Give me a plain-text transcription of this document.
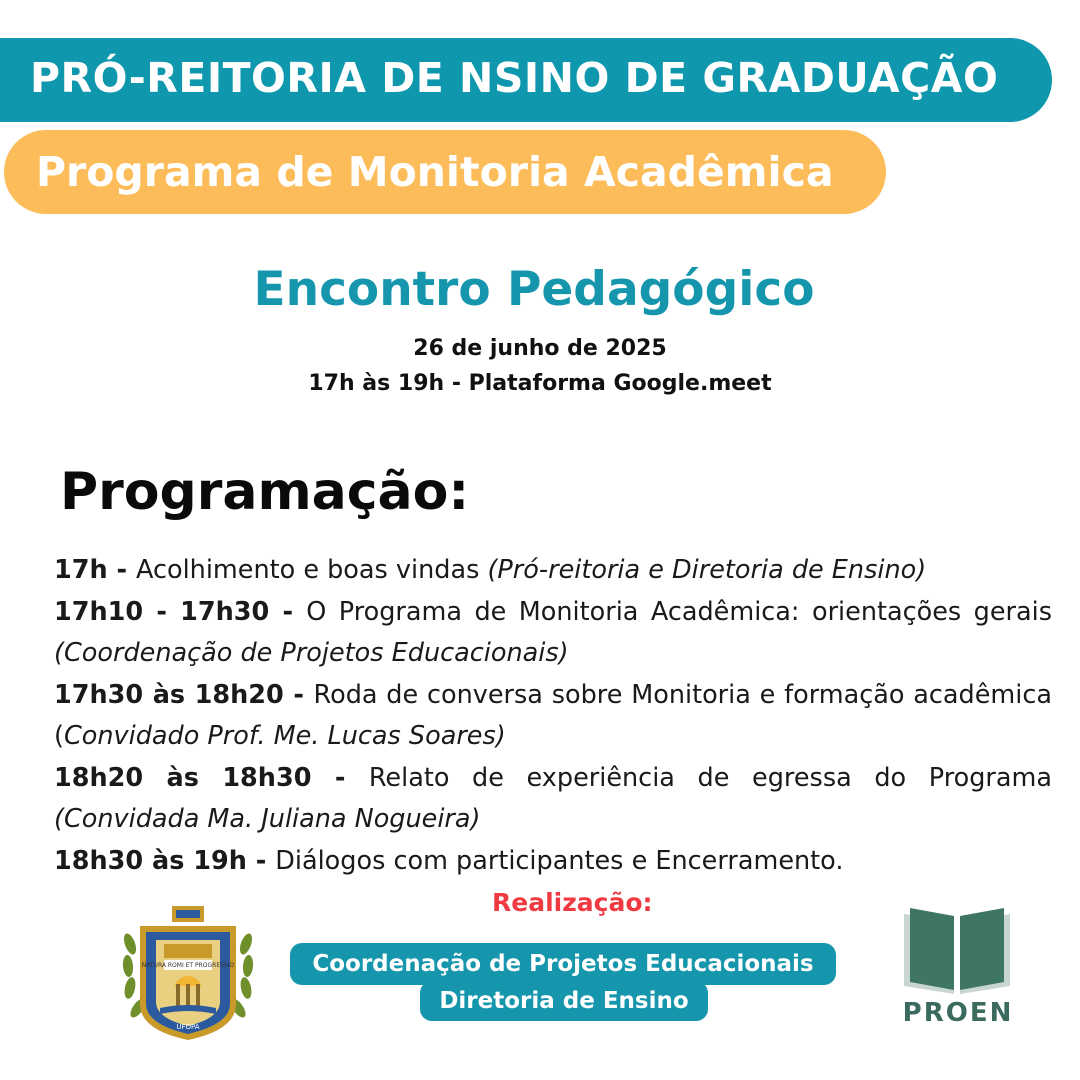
PRÓ-REITORIA DE NSINO DE GRADUAÇÃO
Programa de Monitoria Acadêmica
Encontro Pedagógico
26 de junho de 2025
17h às 19h - Plataforma Google.meet
Programação:

17h - Acolhimento e boas vindas (Pró-reitoria e Diretoria de Ensino)

17h10 - 17h30 - O Programa de Monitoria Acadêmica: orientações gerais (Coordenação de Projetos Educacionais)

17h30 às 18h20 - Roda de conversa sobre Monitoria e formação acadêmica (Convidado Prof. Me. Lucas Soares)

18h20 às 18h30 - Relato de experiência de egressa do Programa (Convidada Ma. Juliana Nogueira)

18h30 às 19h - Diálogos com participantes e Encerramento.

NATURA ROMI ET PROGRESSIO
UFOPA
Realização:
Coordenação de Projetos Educacionais
Diretoria de Ensino	PROEN
